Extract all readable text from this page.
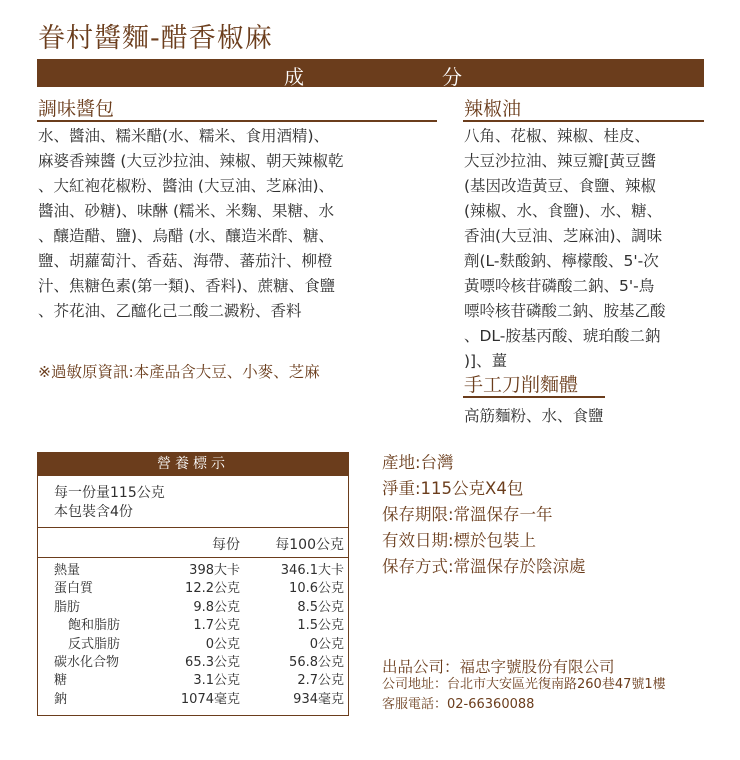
眷村醬麵-醋香椒麻
成	分
調味醬包
水、醬油、糯米醋(水、糯米、食用酒精)、
麻婆香辣醬 (大豆沙拉油、辣椒、朝天辣椒乾
、大紅袍花椒粉、醬油 (大豆油、芝麻油)、
醬油、砂糖)、味醂 (糯米、米麴、果糖、水
、釀造醋、鹽)、烏醋 (水、釀造米酢、糖、
鹽、胡蘿蔔汁、香菇、海帶、蕃茄汁、柳橙
汁、焦糖色素(第一類)、香料)、蔗糖、食鹽
、芥花油、乙醯化己二酸二澱粉、香料
※過敏原資訊:本產品含大豆、小麥、芝麻
辣椒油
八角、花椒、辣椒、桂皮、
大豆沙拉油、辣豆瓣[黃豆醬
(基因改造黃豆、食鹽、辣椒
(辣椒、水、食鹽)、水、糖、
香油(大豆油、芝麻油)、調味
劑(L-麩酸鈉、檸檬酸、5'-次
黃嘌呤核苷磷酸二鈉、5'-鳥
嘌呤核苷磷酸二鈉、胺基乙酸
、DL-胺基丙酸、琥珀酸二鈉
)]、薑
手工刀削麵體
高筋麵粉、水、食鹽
營養標示
每一份量115公克
本包裝含4份
每份	每100公克
熱量	398大卡	346.1大卡
蛋白質	12.2公克	10.6公克
脂肪	9.8公克	8.5公克
飽和脂肪	1.7公克	1.5公克
反式脂肪	0公克	0公克
碳水化合物	65.3公克	56.8公克
糖	3.1公克	2.7公克
鈉	1074毫克	934毫克
產地:台灣
淨重:115公克X4包
保存期限:常溫保存一年
有效日期:標於包裝上
保存方式:常溫保存於陰涼處
出品公司：福忠字號股份有限公司
公司地址：台北市大安區光復南路260巷47號1樓
客服電話：02-66360088
